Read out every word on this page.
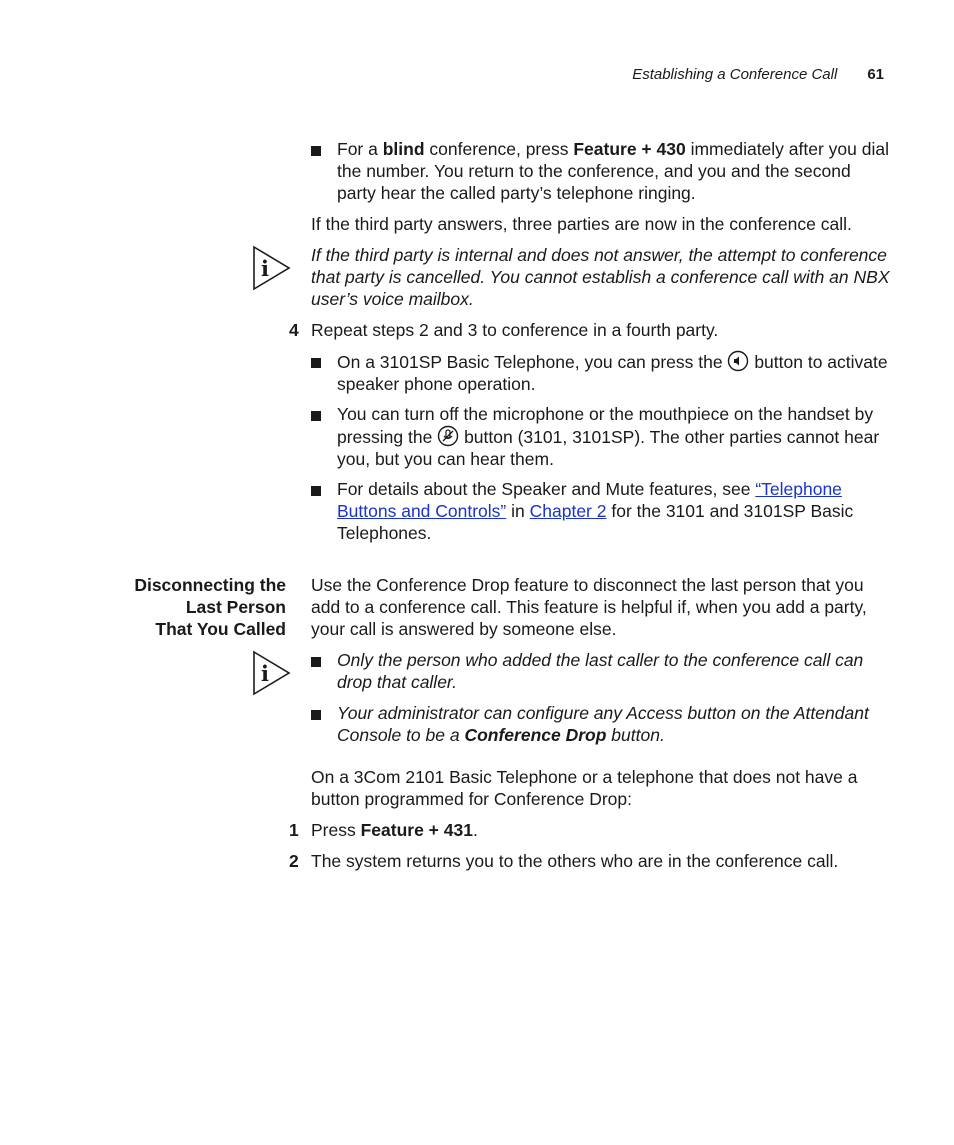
Establishing a Conference Call 61
For a blind conference, press Feature + 430 immediately after you dial the number. You return to the conference, and you and the second party hear the called party’s telephone ringing.
If the third party answers, three parties are now in the conference call.
i
If the third party is internal and does not answer, the attempt to conference that party is cancelled. You cannot establish a conference call with an NBX user’s voice mailbox.
4 Repeat steps 2 and 3 to conference in a fourth party.
On a 3101SP Basic Telephone, you can press the  button to activate speaker phone operation.
You can turn off the microphone or the mouthpiece on the handset by pressing the  button (3101, 3101SP). The other parties cannot hear you, but you can hear them.
For details about the Speaker and Mute features, see “Telephone Buttons and Controls” in Chapter 2 for the 3101 and 3101SP Basic Telephones.
Disconnecting the
Last Person
That You Called
Use the Conference Drop feature to disconnect the last person that you add to a conference call. This feature is helpful if, when you add a party, your call is answered by someone else.
i
Only the person who added the last caller to the conference call can drop that caller.
Your administrator can configure any Access button on the Attendant Console to be a Conference Drop button.
On a 3Com 2101 Basic Telephone or a telephone that does not have a button programmed for Conference Drop:
1 Press Feature + 431.
2 The system returns you to the others who are in the conference call.
